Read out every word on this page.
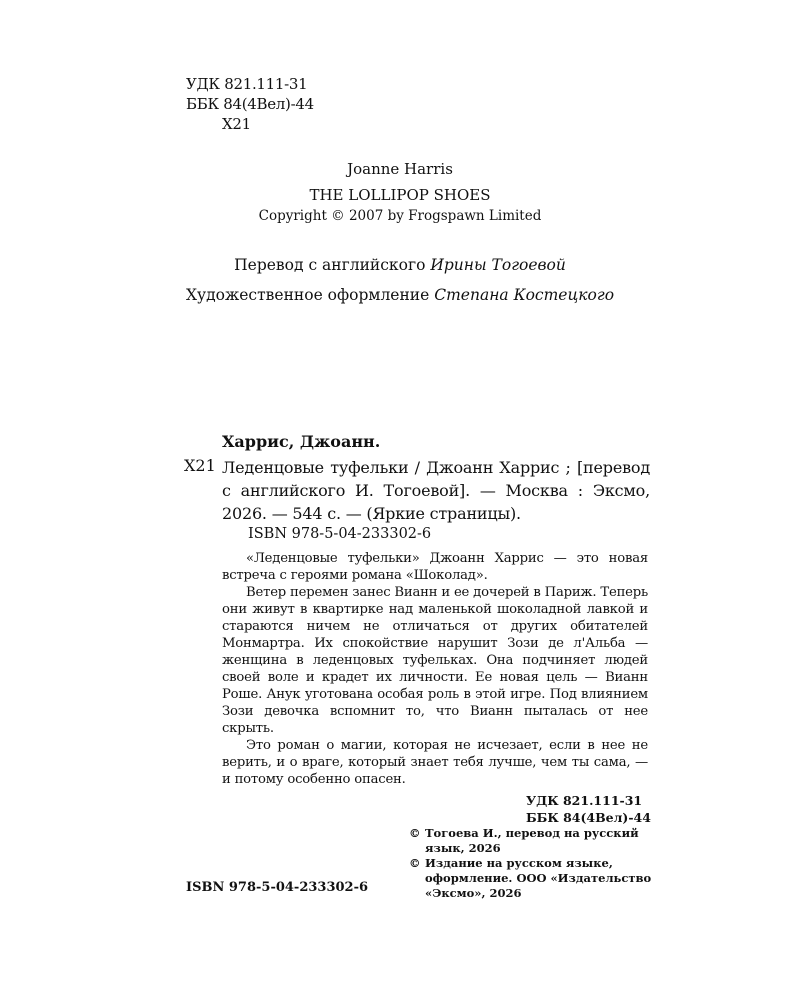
УДК 821.111-31
ББК 84(4Вел)-44
Х21
Joanne Harris
THE LOLLIPOP SHOES
Copyright © 2007 by Frogspawn Limited
Перевод с английского Ирины Тогоевой
Художественное оформление Степана Костецкого
Харрис, Джоанн.
Х21 Леденцовые туфельки / Джоанн Харрис ; [перевод с английского И. Тогоевой]. — Москва : Эксмо, 2026. — 544 с. — (Яркие страницы).
ISBN 978-5-04-233302-6

«Леденцовые туфельки» Джоанн Харрис — это новая встреча с героями романа «Шоколад».

Ветер перемен занес Вианн и ее дочерей в Париж. Теперь они живут в квартирке над маленькой шоколадной лавкой и стараются ничем не отличаться от других обитателей Монмартра. Их спокойствие нарушит Зози де л'Альба — женщина в леденцовых туфельках. Она подчиняет людей своей воле и крадет их личности. Ее новая цель — Вианн Роше. Анук уготована особая роль в этой игре. Под влиянием Зози девочка вспомнит то, что Вианн пыталась от нее скрыть.

Это роман о магии, которая не исчезает, если в нее не верить, и о враге, который знает тебя лучше, чем ты сама, — и потому особенно опасен.

УДК 821.111-31
ББК 84(4Вел)-44
ISBN 978-5-04-233302-6
© Тогоева И., перевод на русский язык, 2026
© Издание на русском языке, оформление. ООО «Издательство «Эксмо», 2026
